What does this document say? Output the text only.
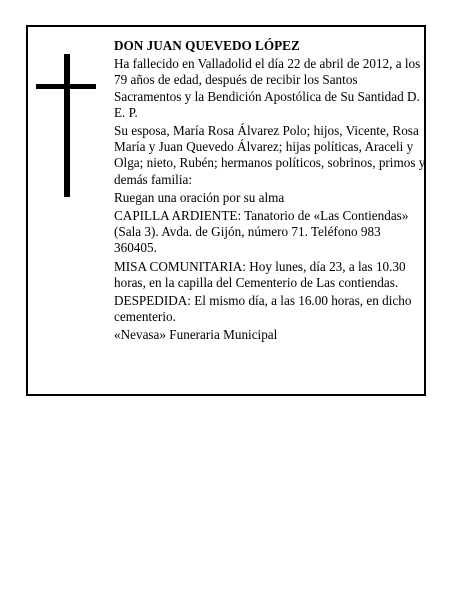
DON JUAN QUEVEDO LÓPEZ

Ha fallecido en Valladolid el día 22 de abril de 2012, a los 79 años de edad, después de recibir los Santos Sacramentos y la Bendición Apostólica de Su Santidad D. E. P.

Su esposa, María Rosa Álvarez Polo; hijos, Vicente, Rosa María y Juan Quevedo Álvarez; hijas políticas, Araceli y Olga; nieto, Rubén; hermanos políticos, sobrinos, primos y demás familia:

Ruegan una oración por su alma

CAPILLA ARDIENTE: Tanatorio de «Las Contiendas» (Sala 3). Avda. de Gijón, número 71. Teléfono 983 360405.

MISA COMUNITARIA: Hoy lunes, día 23, a las 10.30 horas, en la capilla del Cementerio de Las contiendas.

DESPEDIDA: El mismo día, a las 16.00 horas, en dicho cementerio.

«Nevasa» Funeraria Municipal
